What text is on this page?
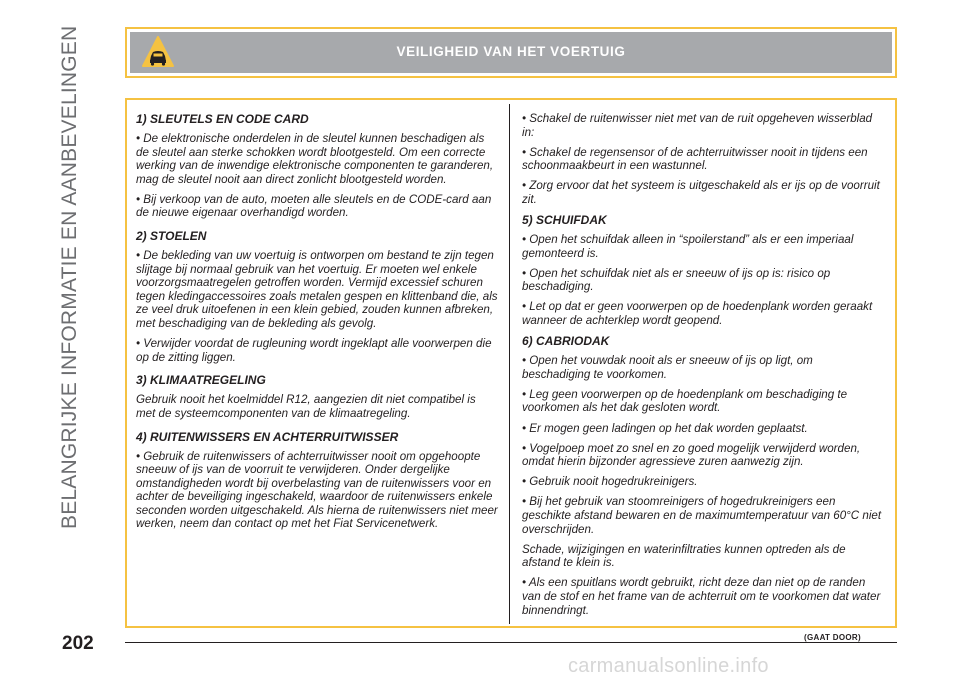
BELANGRIJKE INFORMATIE EN AANBEVELINGEN	VEILIGHEID VAN HET VOERTUIG
1) SLEUTELS EN CODE CARD

• De elektronische onderdelen in de sleutel kunnen beschadigen als de sleutel aan sterke schokken wordt blootgesteld. Om een correcte werking van de inwendige elektronische componenten te garanderen, mag de sleutel nooit aan direct zonlicht blootgesteld worden.

• Bij verkoop van de auto, moeten alle sleutels en de CODE-card aan de nieuwe eigenaar overhandigd worden.

2) STOELEN

• De bekleding van uw voertuig is ontworpen om bestand te zijn tegen slijtage bij normaal gebruik van het voertuig. Er moeten wel enkele voorzorgsmaatregelen getroffen worden. Vermijd excessief schuren tegen kledingaccessoires zoals metalen gespen en klittenband die, als ze veel druk uitoefenen in een klein gebied, zouden kunnen afbreken, met beschadiging van de bekleding als gevolg.

• Verwijder voordat de rugleuning wordt ingeklapt alle voorwerpen die op de zitting liggen.

3) KLIMAATREGELING

Gebruik nooit het koelmiddel R12, aangezien dit niet compatibel is met de systeemcomponenten van de klimaatregeling.

4) RUITENWISSERS EN ACHTERRUITWISSER

• Gebruik de ruitenwissers of achterruitwisser nooit om opgehoopte sneeuw of ijs van de voorruit te verwijderen. Onder dergelijke omstandigheden wordt bij overbelasting van de ruitenwissers voor en achter de beveiliging ingeschakeld, waardoor de ruitenwissers enkele seconden worden uitgeschakeld. Als hierna de ruitenwissers niet meer werken, neem dan contact op met het Fiat Servicenetwerk.

• Schakel de ruitenwisser niet met van de ruit opgeheven wisserblad in:

• Schakel de regensensor of de achterruitwisser nooit in tijdens een schoonmaakbeurt in een wastunnel.

• Zorg ervoor dat het systeem is uitgeschakeld als er ijs op de voorruit zit.

5) SCHUIFDAK

• Open het schuifdak alleen in “spoilerstand” als er een imperiaal gemonteerd is.

• Open het schuifdak niet als er sneeuw of ijs op is: risico op beschadiging.

• Let op dat er geen voorwerpen op de hoedenplank worden geraakt wanneer de achterklep wordt geopend.

6) CABRIODAK

• Open het vouwdak nooit als er sneeuw of ijs op ligt, om beschadiging te voorkomen.

• Leg geen voorwerpen op de hoedenplank om beschadiging te voorkomen als het dak gesloten wordt.

• Er mogen geen ladingen op het dak worden geplaatst.

• Vogelpoep moet zo snel en zo goed mogelijk verwijderd worden, omdat hierin bijzonder agressieve zuren aanwezig zijn.

• Gebruik nooit hogedrukreinigers.

• Bij het gebruik van stoomreinigers of hogedrukreinigers een geschikte afstand bewaren en de maximumtemperatuur van 60°C niet overschrijden.

Schade, wijzigingen en waterinfiltraties kunnen optreden als de afstand te klein is.

• Als een spuitlans wordt gebruikt, richt deze dan niet op de randen van de stof en het frame van de achterruit om te voorkomen dat water binnendringt.

202	(GAAT DOOR)
carmanualsonline.info
